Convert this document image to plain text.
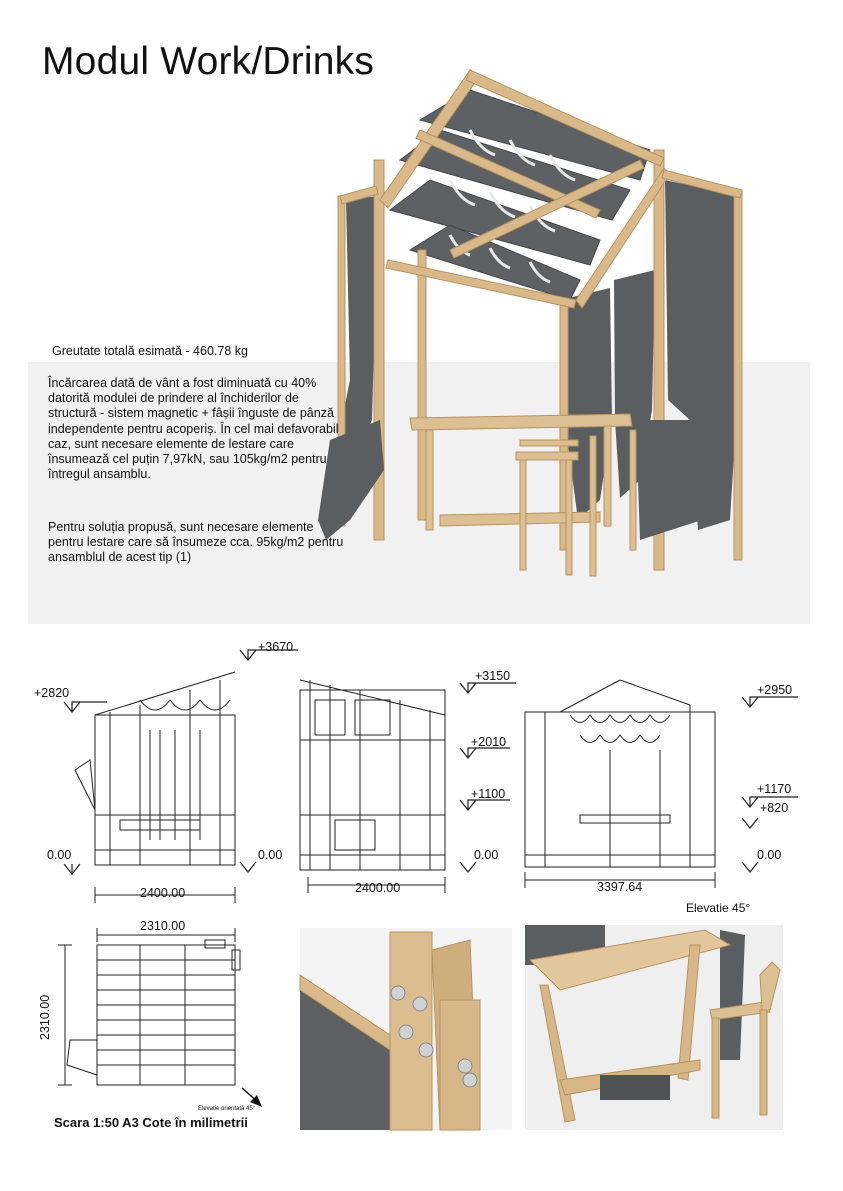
Modul Work/Drinks
Greutate totală esimată - 460.78 kg
Încărcarea dată de vânt a fost diminuată cu 40% datorită modulei de prindere al închiderilor de structură - sistem magnetic + fâșii înguste de pânză independente pentru acoperiș. În cel mai defavorabil caz, sunt necesare elemente de lestare care însumează cel puțin 7,97kN, sau 105kg/m2 pentru întregul ansamblu.
Pentru soluția propusă, sunt necesare elemente pentru lestare care să însumeze cca. 95kg/m2 pentru ansamblul de acest tip (1)
+3670
+2820
0.00	0.00
2400.00
+3150
+2010
+1100
0.00
2400.00
+2950
+1170
+820
0.00
3397.64
Elevatie 45°
2310.00
2310.00
Elevatie orientată 45°
Scara 1:50 A3 Cote în milimetrii
